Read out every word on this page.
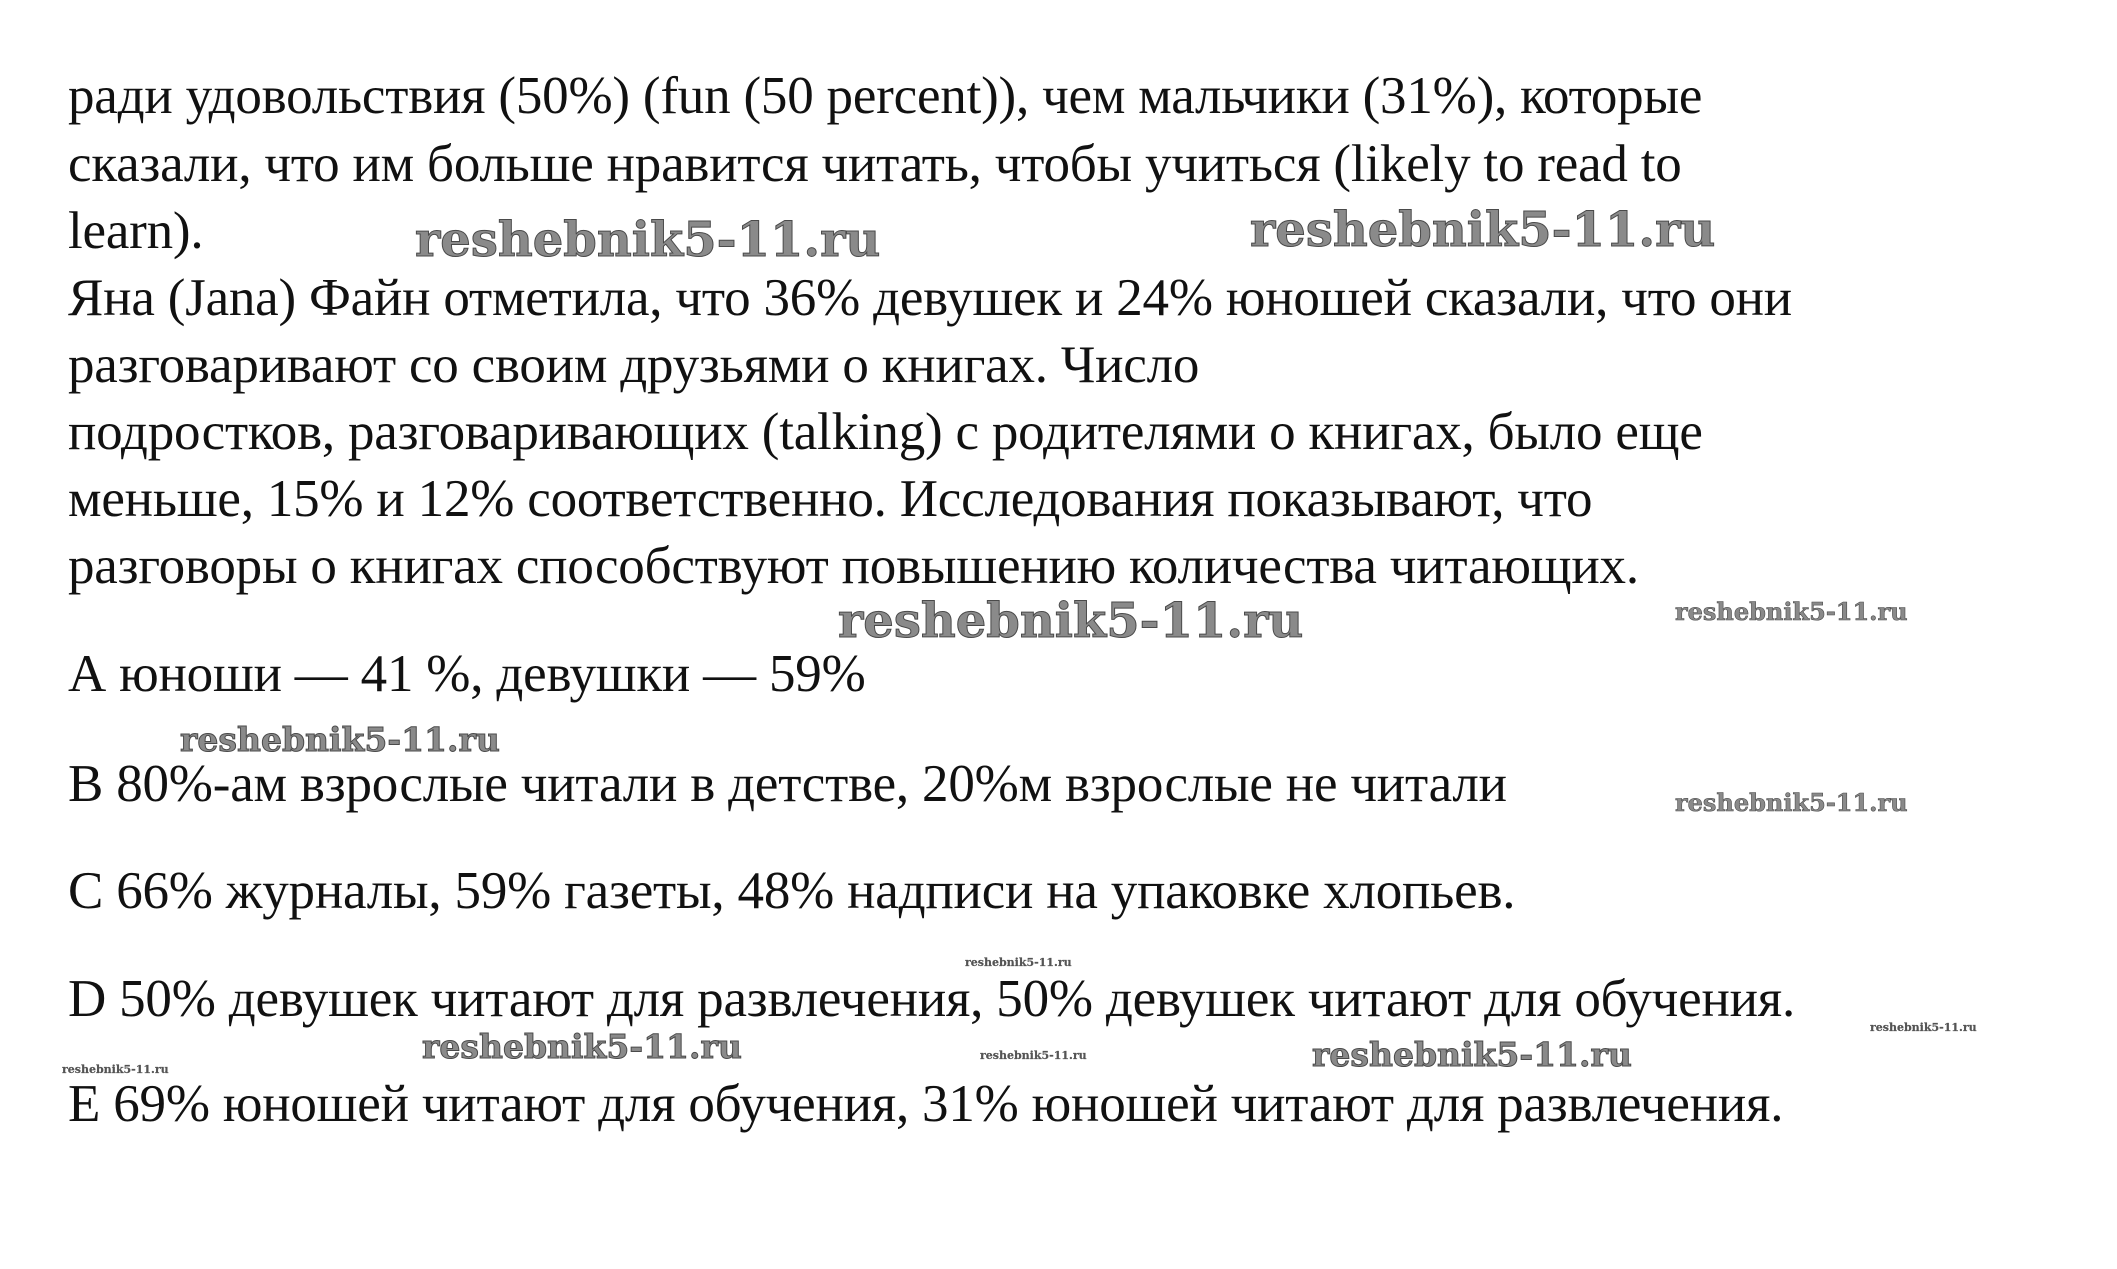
ради удовольствия (50%) (fun (50 percent)), чем мальчики (31%), которые

сказали, что им больше нравится читать, чтобы учиться (likely to read to

learn).

Яна (Jana) Файн отметила, что 36% девушек и 24% юношей сказали, что они

разговаривают со своим друзьями о книгах. Число

подростков, разговаривающих (talking) с родителями о книгах, было еще

меньше, 15% и 12% соответственно. Исследования показывают, что

разговоры о книгах способствуют повышению количества читающих.

А юноши — 41 %, девушки — 59%

В 80%-ам взрослые читали в детстве, 20%м взрослые не читали

С 66% журналы, 59% газеты, 48% надписи на упаковке хлопьев.

D 50% девушек читают для развлечения, 50% девушек читают для обучения.

Е 69% юношей читают для обучения, 31% юношей читают для развлечения.

reshebnik5-11.ru	reshebnik5-11.ru
reshebnik5-11.ru	reshebnik5-11.ru
reshebnik5-11.ru
reshebnik5-11.ru
reshebnik5-11.ru
reshebnik5-11.ru	reshebnik5-11.ru	reshebnik5-11.ru
reshebnik5-11.ru
reshebnik5-11.ru
